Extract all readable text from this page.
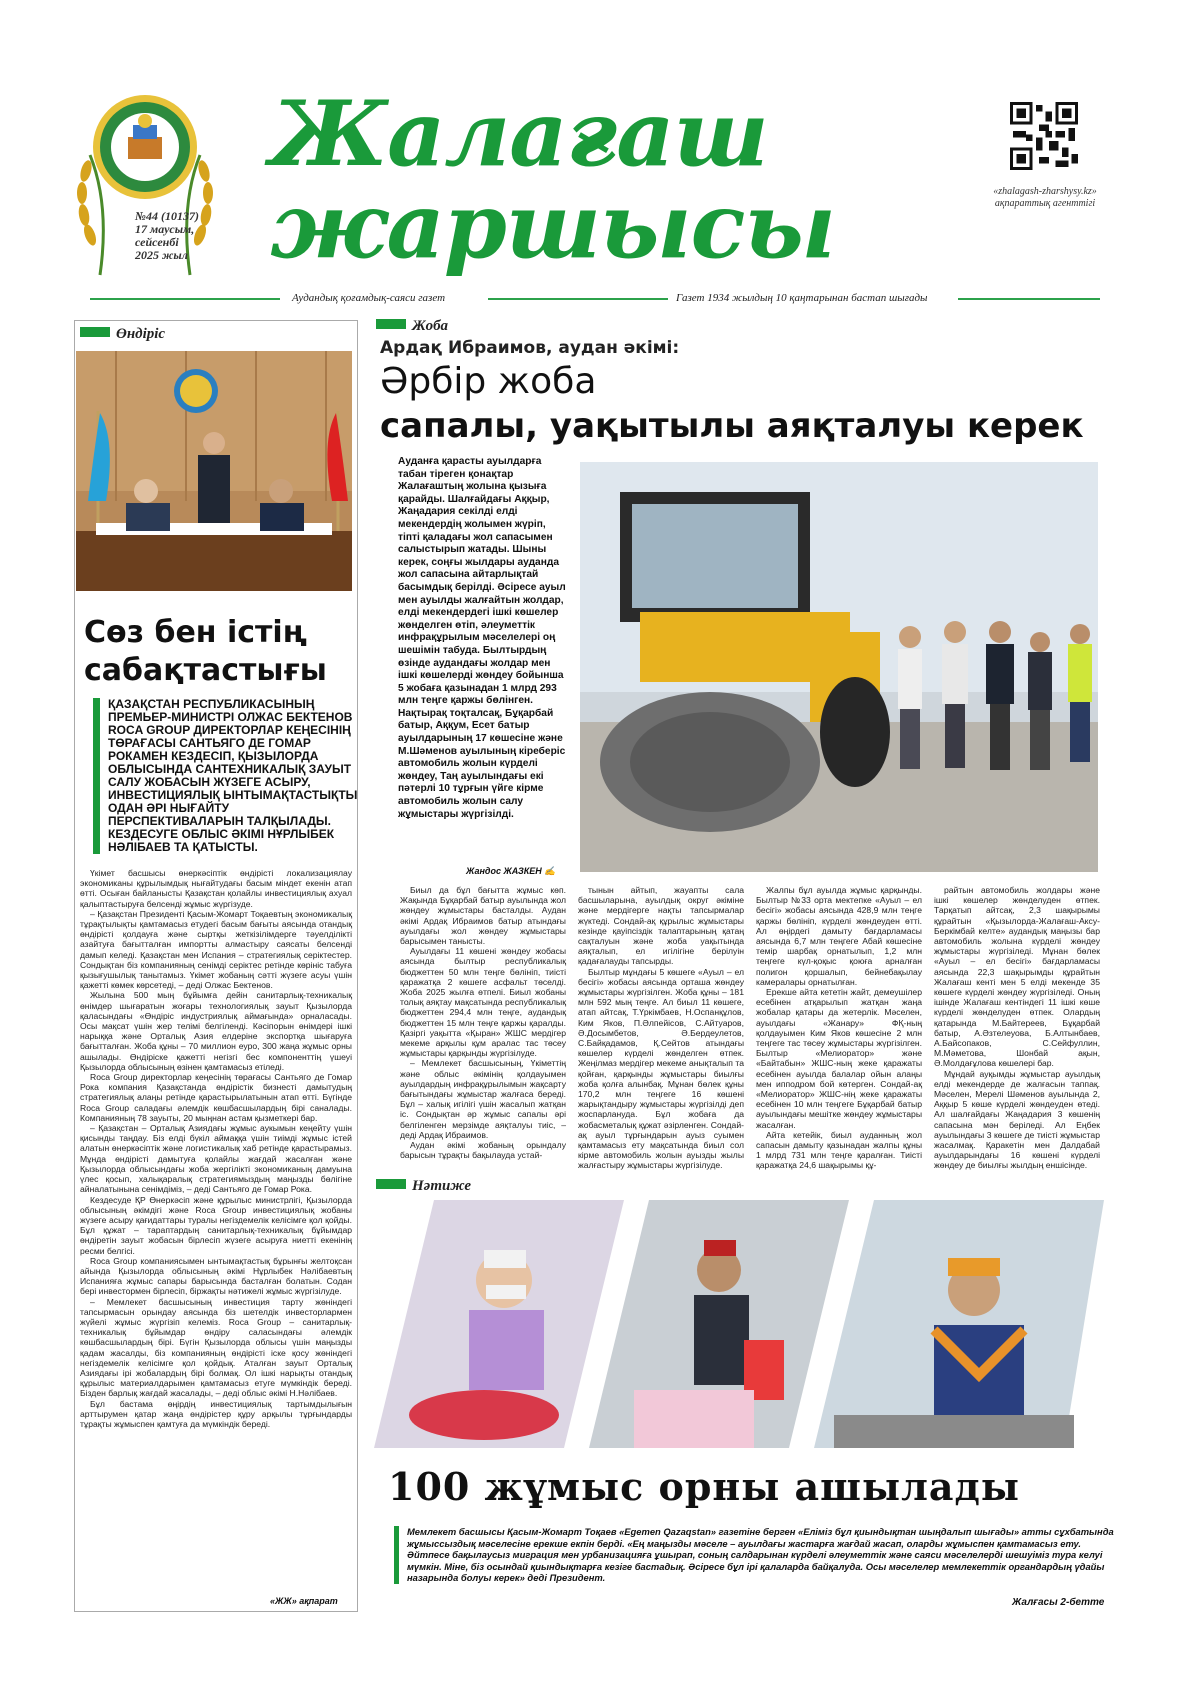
№44 (10137)
17 маусым,
сейсенбі
2025 жыл
Жалағаш
жаршысы	«zhalagash-zharshysy.kz»
ақпараттық агенттігі
Аудандық қоғамдық-саяси газет	Газет 1934 жылдың 10 қаңтарынан бастап шығады
Өндіріс
Сөз бен істің
сабақтастығы
ҚАЗАҚСТАН РЕСПУБЛИКАСЫНЫҢ ПРЕМЬЕР-МИНИСТРІ ОЛЖАС БЕКТЕНОВ ROCA GROUP ДИРЕКТОРЛАР КЕҢЕСІНІҢ ТӨРАҒАСЫ САНТЬЯГО ДЕ ГОМАР РОКАМЕН КЕЗДЕСІП, ҚЫЗЫЛОРДА ОБЛЫСЫНДА САНТЕХНИКАЛЫҚ ЗАУЫТ САЛУ ЖОБАСЫН ЖҮЗЕГЕ АСЫРУ, ИНВЕСТИЦИЯЛЫҚ ЫНТЫМАҚТАСТЫҚТЫ ОДАН ӘРІ НЫҒАЙТУ ПЕРСПЕКТИВАЛАРЫН ТАЛҚЫЛАДЫ. КЕЗДЕСУГЕ ОБЛЫС ӘКІМІ НҰРЛЫБЕК НӘЛІБАЕВ ТА ҚАТЫСТЫ.

Үкімет басшысы өнеркәсіптік өндірісті локализациялау экономиканы құрылымдық нығайтудағы басым міндет екенін атап өтті. Осыған байланысты Қазақстан қолайлы инвестициялық ахуал қалыптастыруға белсенді жұмыс жүргізуде.

– Қазақстан Президенті Қасым-Жомарт Тоқаевтың экономикалық тұрақтылықты қамтамасыз етудегі басым бағыты аясында отандық өндірісті қолдауға және сыртқы жеткізілімдерге тәуелділікті азайтуға бағытталған импортты алмастыру саясаты белсенді дамып келеді. Қазақстан мен Испания – стратегиялық серіктестер. Сондықтан біз компанияның сенімді серіктес ретінде көрініс табуға қызығушылық танытамыз. Үкімет жобаның сәтті жүзеге асуы үшін қажетті көмек көрсетеді, – деді Олжас Бектенов.

Жылына 500 мың бұйымға дейін санитарлық-техникалық өнімдер шығаратын жоғары технологиялық зауыт Қызылорда қаласындағы «Өндіріс индустриялық аймағында» орналасады. Осы мақсат үшін жер телімі белгіленді. Кәсіпорын өнімдері ішкі нарыққа және Орталық Азия елдеріне экспортқа шығаруға бағытталған. Жоба құны – 70 миллион еуро, 300 жаңа жұмыс орны ашылады. Өндіріске қажетті негізгі бес компоненттің үшеуі Қызылорда облысының өзінен қамтамасыз етіледі.

Roca Group директорлар кеңесінің төрағасы Сантьяго де Гомар Рока компания Қазақстанда өндірістік бизнесті дамытудың стратегиялық алаңы ретінде қарастырылатынын атап өтті. Бүгінде Roca Group саладағы әлемдік көшбасшылардың бірі саналады. Компанияның 78 зауыты, 20 мыңнан астам қызметкері бар.

– Қазақстан – Орталық Азиядағы жұмыс аукымын кеңейту үшін қисынды таңдау. Біз елді бүкіл аймаққа үшін тиімді жұмыс істей алатын өнеркәсіптік және логистикалық хаб ретінде қарастырамыз. Мұнда өндірісті дамытуға қолайлы жағдай жасалған және Қызылорда облысындағы жоба жергілікті экономиканың дамуына үлес қосып, халықаралық стратегиямыздың маңызды бөлігіне айналатынына сенімдіміз, – деді Сантьяго де Гомар Рока.

Кездесуде ҚР Өнеркәсіп және құрылыс министрлігі, Қызылорда облысының әкімдігі және Roca Group инвестициялық жобаны жүзеге асыру қағидаттары туралы негіздемелік келісімге қол қойды. Бұл құжат – тараптардың санитарлық-техникалық бұйымдар өндіретін зауыт жобасын бірлесіп жүзеге асыруға ниетті екенінің ресми белгісі.

Roca Group компаниясымен ынтымақтастық бұрынғы желтоқсан айында Қызылорда облысының әкімі Нұрлыбек Нәлібаевтың Испанияға жұмыс сапары барысында басталған болатын. Содан бері инвестормен бірлесіп, біржақты нәтижелі жұмыс жүргізілуде.

– Мемлекет басшысының инвестиция тарту жөніндегі тапсырмасын орындау аясында біз шетелдік инвесторлармен жүйелі жұмыс жүргізіп келеміз. Roca Group – санитарлық-техникалық бұйымдар өндіру саласындағы әлемдік көшбасшылардың бірі. Бүгін Қызылорда облысы үшін маңызды қадам жасалды, біз компанияның өндірісті іске қосу жөніндегі негіздемелік келісімге қол қойдық. Аталған зауыт Орталық Азиядағы ірі жобалардың бірі болмақ. Ол ішкі нарықты отандық құрылыс материалдарымен қамтамасыз етуге мүмкіндік береді. Бізден барлық жағдай жасалады, – деді облыс әкімі Н.Нәлібаев.

Бұл бастама өңірдің инвестициялық тартымдылығын арттырумен қатар жаңа өндірістер құру арқылы тұрғындарды тұрақты жұмыспен қамтуға да мүмкіндік береді.

«ЖЖ» ақпарат
Жоба
Ардақ Ибраимов, аудан әкімі:
Әрбір жоба
сапалы, уақытылы аяқталуы керек
Ауданға қарасты ауылдарға табан тіреген қонақтар Жалағаштың жолына қызыға қарайды. Шалғайдағы Аққыр, Жаңадария секілді елді мекендердің жолымен жүріп, тіпті қаладағы жол сапасымен салыстырып жатады. Шыны керек, соңғы жылдары ауданда жол сапасына айтарлықтай басымдық берілді. Әсіресе ауыл мен ауылды жалғайтын жолдар, елді мекендердегі ішкі көшелер жөнделген өтіп, әлеуметтік инфрақұрылым мәселелері оң шешімін табуда. Былтырдың өзінде аудандағы жолдар мен ішкі көшелерді жөндеу бойынша 5 жобаға қазынадан 1 млрд 293 млн теңге қаржы бөлінген. Нақтырақ тоқталсақ, Бұқарбай батыр, Аққум, Есет батыр ауылдарының 17 көшесіне және М.Шәменов ауылының кіреберіс автомобиль жолын күрделі жөндеу, Таң ауылындағы екі пәтерлі 10 тұрғын үйге кірме автомобиль жолын салу жұмыстары жүргізілді.
Жандос ЖАЗКЕН ✍

Биыл да бұл бағытта жұмыс көп. Жақында Бұқарбай батыр ауылында жол жөндеу жұмыстары басталды. Аудан әкімі Ардақ Ибраимов батыр атындағы ауылдағы жол жөндеу жұмыстары барысымен танысты.

Ауылдағы 11 көшені жөндеу жобасы аясында былтыр республикалық бюджеттен 50 млн теңге бөлініп, тиісті қаражатқа 2 көшеге асфальт төселді. Жоба 2025 жылға өтпелі. Биыл жобаны толық аяқтау мақсатында республикалық бюджеттен 294,4 млн теңге, аудандық бюджеттен 15 млн теңге қаржы қаралды. Қазіргі уақытта «Қыран» ЖШС мердігер мекеме арқылы құм аралас тас төсеу жұмыстары қарқынды жүргізілуде.

– Мемлекет басшысының, Үкіметтің және облыс әкімінің қолдауымен ауылдардың инфрақұрылымын жақсарту бағытындағы жұмыстар жалғаса береді. Бұл – халық игілігі үшін жасалып жатқан іс. Сондықтан әр жұмыс сапалы әрі белгіленген мерзімде аяқталуы тиіс, – деді Ардақ Ибраимов.

Аудан әкімі жобаның орындалу барысын тұрақты бақылауда устай-

тынын айтып, жауапты сала басшыларына, ауылдық округ әкіміне және мердігерге нақты тапсырмалар жүктеді. Сондай-ақ құрылыс жұмыстары кезінде қауіпсіздік талаптарының қатаң сақталуын және жоба уақытында аяқталып, ел игілігіне берілуін қадағалауды тапсырды.

Былтыр мұндағы 5 көшеге «Ауыл – ел бесігі» жобасы аясында орташа жөндеу жұмыстары жүргізілген. Жоба құны – 181 млн 592 мың теңге. Ал биыл 11 көшеге, атап айтсақ, Т.Үркімбаев, Н.Оспанқұлов, Ким Яков, П.Әлпейісов, С.Айтуаров, Ә.Досымбетов, Ә.Бердеулетов, С.Байқадамов, Қ.Сейтов атындағы көшелер күрделі жөнделген өтпек. Жеңілмаз мердігер мекеме анықталып та қойған, қарқынды жұмыстары биылғы жоба қолға алынбақ. Мұнан бөлек құны 170,2 млн теңгеге 16 көшені жарықтандыру жұмыстары жүргізілді деп жоспарлануда. Бұл жобаға да жобасметалық құжат әзірленген. Сондай-ақ ауыл тұрғындарын ауыз суымен қамтамасыз ету мақсатында биыл сол кірме автомобиль жолын ауызды жылы жалғастыру жұмыстары жүргізілуде.

Жалпы бұл ауылда жұмыс қарқынды. Былтыр №33 орта мектепке «Ауыл – ел бесігі» жобасы аясында 428,9 млн теңге қаржы бөлініп, күрделі жөндеуден өтті. Ал өңірдегі дамыту бағдарламасы аясында 6,7 млн теңгеге Абай көшесіне темір шарбақ орнатылып, 1,2 млн теңгеге күл-қоқыс қоюға арналған полигон қоршалып, бейнебақылау камералары орнатылған.

Ерекше айта кететін жайт, демеушілер есебінен атқарылып жатқан жаңа жобалар қатары да жетерлік. Мәселен, ауылдағы «Жанару» ФҚ-ның қолдауымен Ким Яков көшесіне 2 млн теңгеге тас төсеу жұмыстары жүргізілген. Былтыр «Мелиоратор» және «Байтабын» ЖШС-ның жеке қаражаты есебінен ауылда балалар ойын алаңы мен ипподром бой көтерген. Сондай-ақ «Мелиоратор» ЖШС-нің жеке қаражаты есебінен 10 млн теңгеге Бұқарбай батыр ауылындағы мешітке жөндеу жұмыстары жасалған.

Айта кетейік, биыл ауданның жол сапасын дамыту қазынадан жалпы құны 1 млрд 731 млн теңге қаралған. Тиісті қаражатқа 24,6 шақырымы құ-

райтын автомобиль жолдары және ішкі көшелер жөнделуден өтпек. Тарқатып айтсақ, 2,3 шақырымы құрайтын «Қызылорда-Жалағаш-Аксу-Беркімбай келте» аудандық маңызы бар автомобиль жолына күрделі жөндеу жұмыстары жүргізіледі. Мұнан бөлек «Ауыл – ел бесігі» бағдарламасы аясында 22,3 шақырымды құрайтын Жалағаш кенті мен 5 елді мекенде 35 көшеге күрделі жөндеу жүргізіледі. Оның ішінде Жалағаш кентіндегі 11 ішкі көше күрделі жөнделуден өтпек. Олардың қатарында М.Байтереев, Бұқарбай батыр, А.Әзтелеуова, Б.Алтынбаев, А.Байсопаков, С.Сейфуллин, М.Мәметова, Шонбай ақын, Ә.Молдағұлова көшелері бар.

Мұндай ауқымды жұмыстар ауылдық елді мекендерде де жалғасын таппақ. Мәселен, Мерелі Шәменов ауылында 2, Аққыр 5 көше күрделі жөндеуден өтеді. Ал шалғайдағы Жаңадария 3 көшенің сапасына мән беріледі. Ал Еңбек ауылындағы 3 көшеге де тиісті жұмыстар жасалмақ. Қаракетін мен Далдабай ауылдарындағы 16 көшені күрделі жөндеу де биылғы жылдың еншісінде.

Нәтиже
100 жұмыс орны ашылады
Мемлекет басшысы Қасым-Жомарт Тоқаев «Egemen Qazaqstan» газетіне берген «Еліміз бұл қиындықтан шыңдалып шығады» атты сұхбатында жұмыссыздық мәселесіне ерекше екпін берді. «Ең маңызды мәселе – ауылдағы жастарға жағдай жасап, оларды жұмыспен қамтамасыз ету. Әйтпесе бақылаусыз миграция мен урбанизацияға ұшырап, соның салдарынан күрделі әлеуметтік және саяси мәселелерді шешуіміз тура келуі мүмкін. Міне, біз осындай қиындықтарға кезіге бастадық. Әсіресе бұл ірі қалаларда байқалуда. Осы мәселелер мемлекеттік органдардың үдайы назарында болуы керек» деді Президент.
Жалғасы 2-бетте
